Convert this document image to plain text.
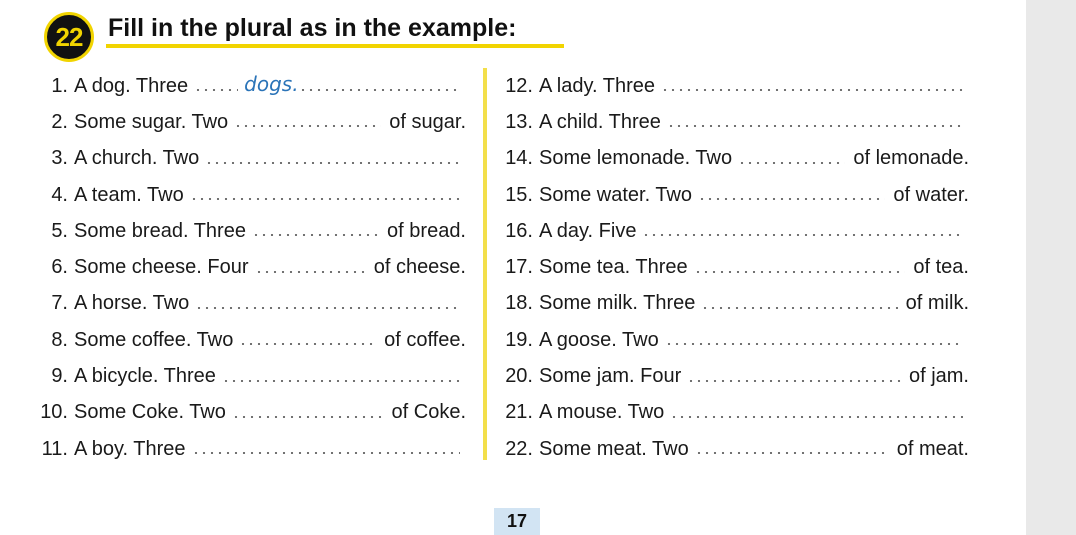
22 Fill in the plural as in the example:
1. A dog. Three	dogs.
2. Some sugar. Two	of sugar.
3. A church. Two
4. A team. Two
5. Some bread. Three	of bread.
6. Some cheese. Four	of cheese.
7. A horse. Two
8. Some coffee. Two	of coffee.
9. A bicycle. Three
10. Some Coke. Two	of Coke.
11. A boy. Three
12. A lady. Three
13. A child. Three
14. Some lemonade. Two	of lemonade.
15. Some water. Two	of water.
16. A day. Five
17. Some tea. Three	of tea.
18. Some milk. Three	of milk.
19. A goose. Two
20. Some jam. Four	of jam.
21. A mouse. Two
22. Some meat. Two	of meat.
17
